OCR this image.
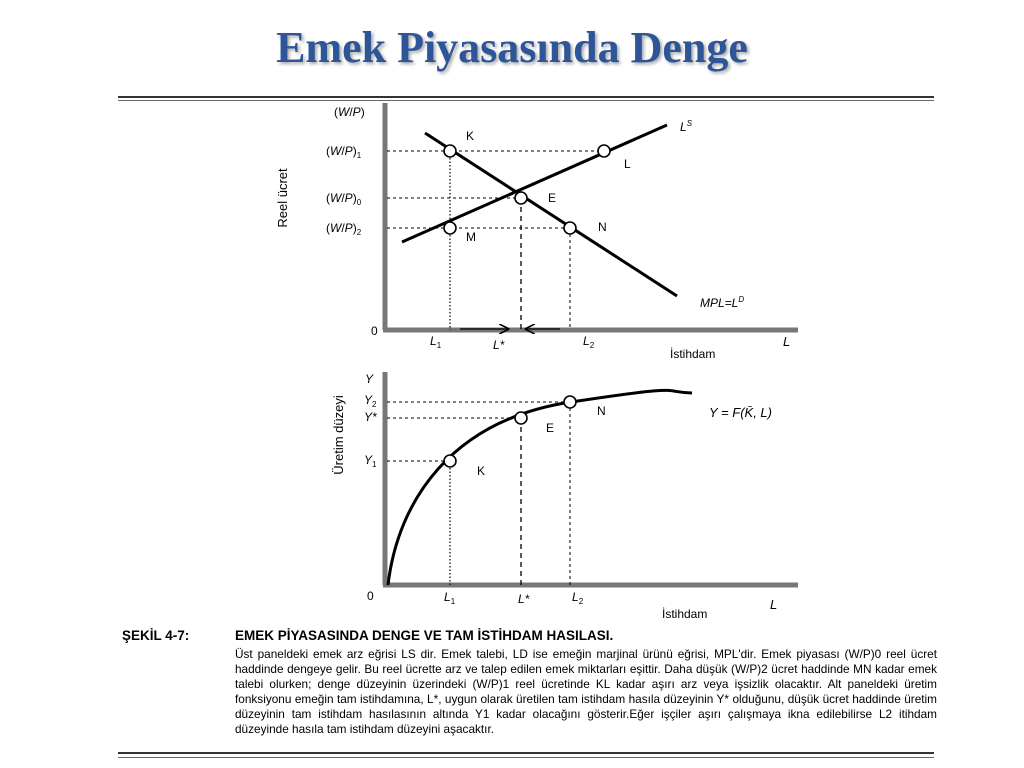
Emek Piyasasında Denge
(W/P)
Reel ücret
$(W/P)_1$
$(W/P)_0$
$(W/P)_2$
K
L
E
N
M
$L^S$
$MPL=L^D$
0
$L_1$	L*	$L_2$	L
İstihdam
Y
Üretim düzeyi $Y_2$
Y*
$Y_1$
N
E
K
Y = F(K̄, L)
0	$L_1$	L*	$L_2$	L
İstihdam
ŞEKİL 4-7:	EMEK PİYASASINDA DENGE VE TAM İSTİHDAM HASILASI.
Üst paneldeki emek arz eğrisi LS dir. Emek talebi, LD ise emeğin marjinal ürünü eğrisi, MPL'dir. Emek piyasası (W/P)0 reel ücret haddinde dengeye gelir. Bu reel ücrette arz ve talep edilen emek miktarları eşittir. Daha düşük (W/P)2 ücret haddinde MN kadar emek talebi olurken; denge düzeyinin üzerindeki (W/P)1 reel ücretinde KL kadar aşırı arz veya işsizlik olacaktır. Alt paneldeki üretim fonksiyonu emeğin tam istihdamına, L*, uygun olarak üretilen tam istihdam hasıla düzeyinin Y* olduğunu, düşük ücret haddinde üretim düzeyinin tam istihdam hasılasının altında Y1 kadar olacağını gösterir.Eğer işçiler aşırı çalışmaya ikna edilebilirse L2 itihdam düzeyinde hasıla tam istihdam düzeyini aşacaktır.
